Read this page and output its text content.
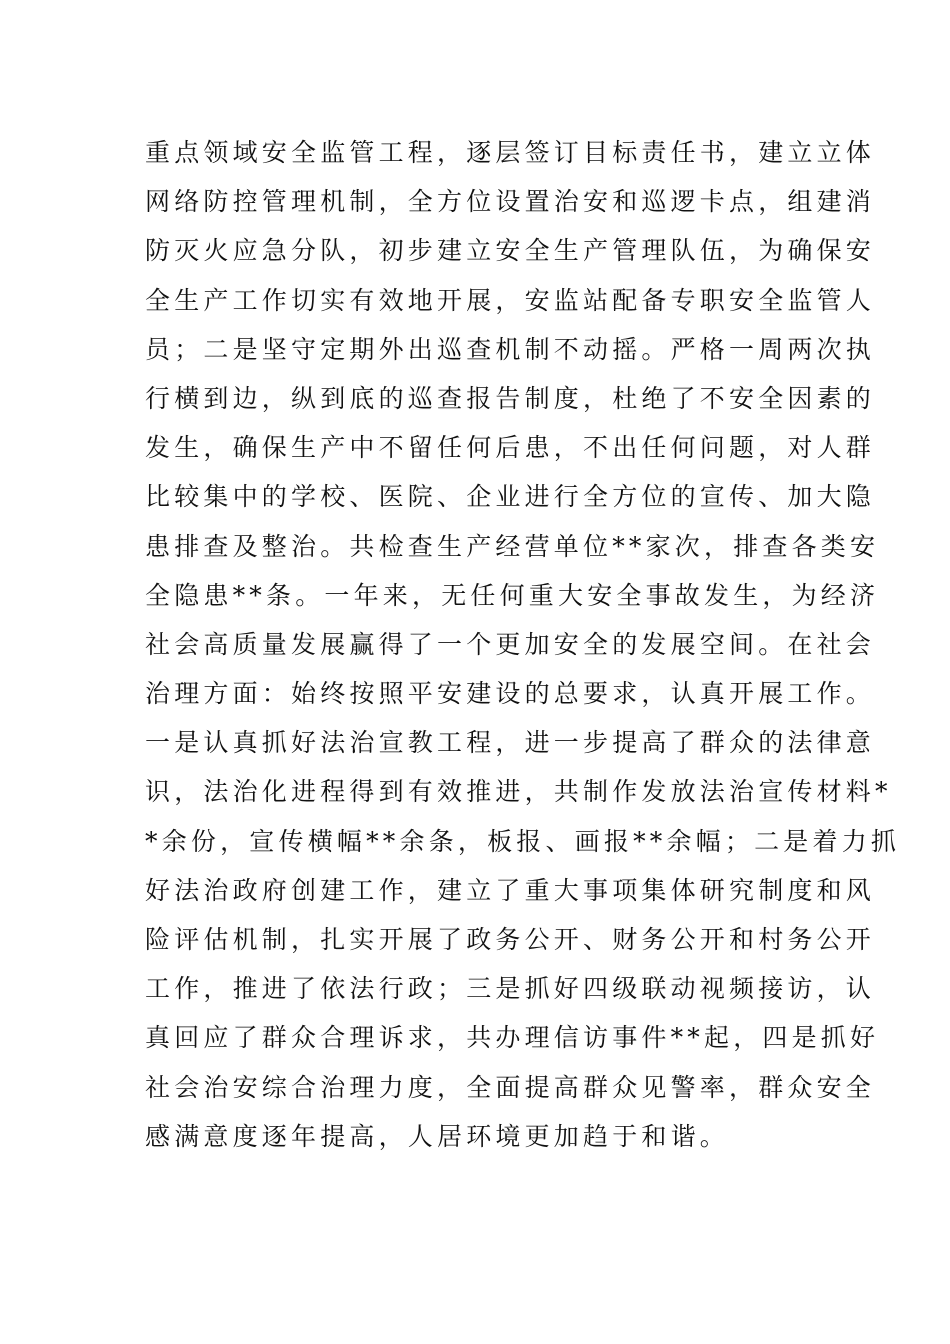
重点领域安全监管工程，逐层签订目标责任书，建立立体
网络防控管理机制，全方位设置治安和巡逻卡点，组建消
防灭火应急分队，初步建立安全生产管理队伍，为确保安
全生产工作切实有效地开展，安监站配备专职安全监管人
员；二是坚守定期外出巡查机制不动摇。严格一周两次执
行横到边，纵到底的巡查报告制度，杜绝了不安全因素的
发生，确保生产中不留任何后患，不出任何问题，对人群
比较集中的学校、医院、企业进行全方位的宣传、加大隐
患排查及整治。共检查生产经营单位**家次，排查各类安
全隐患**条。一年来，无任何重大安全事故发生，为经济
社会高质量发展赢得了一个更加安全的发展空间。在社会
治理方面：始终按照平安建设的总要求，认真开展工作。
一是认真抓好法治宣教工程，进一步提高了群众的法律意
识，法治化进程得到有效推进，共制作发放法治宣传材料*
*余份，宣传横幅**余条，板报、画报**余幅；二是着力抓
好法治政府创建工作，建立了重大事项集体研究制度和风
险评估机制，扎实开展了政务公开、财务公开和村务公开
工作，推进了依法行政；三是抓好四级联动视频接访，认
真回应了群众合理诉求，共办理信访事件**起，四是抓好
社会治安综合治理力度，全面提高群众见警率，群众安全
感满意度逐年提高，人居环境更加趋于和谐。
